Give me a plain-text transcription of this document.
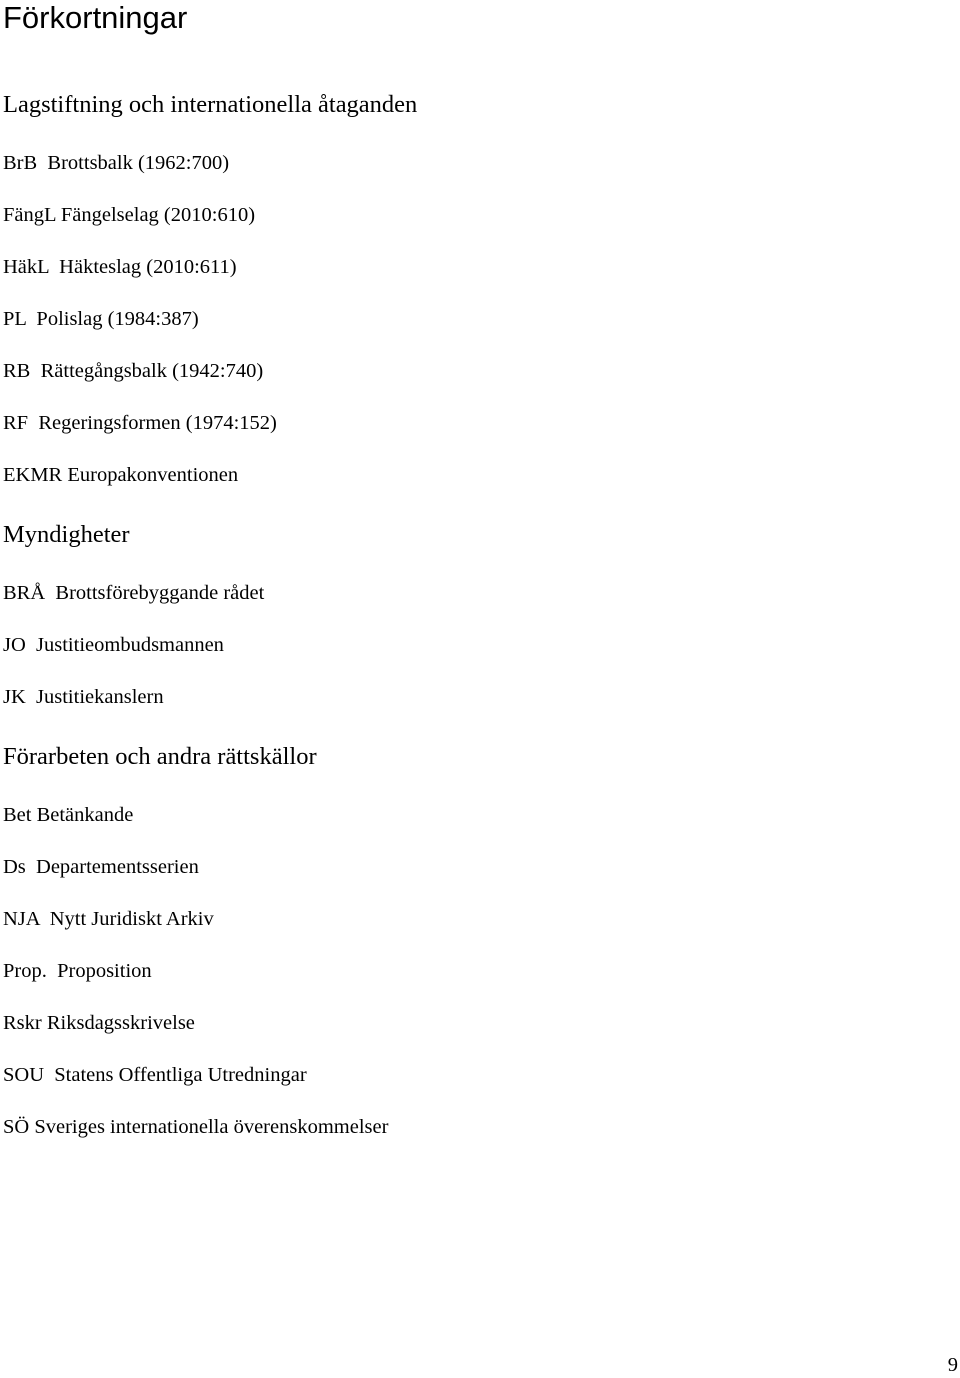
Förkortningar
Lagstiftning och internationella åtaganden

BrB  Brottsbalk (1962:700)

FängL Fängelselag (2010:610)

HäkL  Häkteslag (2010:611)

PL  Polislag (1984:387)

RB  Rättegångsbalk (1942:740)

RF  Regeringsformen (1974:152)

EKMR Europakonventionen

Myndigheter

BRÅ  Brottsförebyggande rådet

JO  Justitieombudsmannen

JK  Justitiekanslern

Förarbeten och andra rättskällor

Bet Betänkande

Ds  Departementsserien

NJA  Nytt Juridiskt Arkiv

Prop.  Proposition

Rskr Riksdagsskrivelse

SOU  Statens Offentliga Utredningar

SÖ Sveriges internationella överenskommelser

9
